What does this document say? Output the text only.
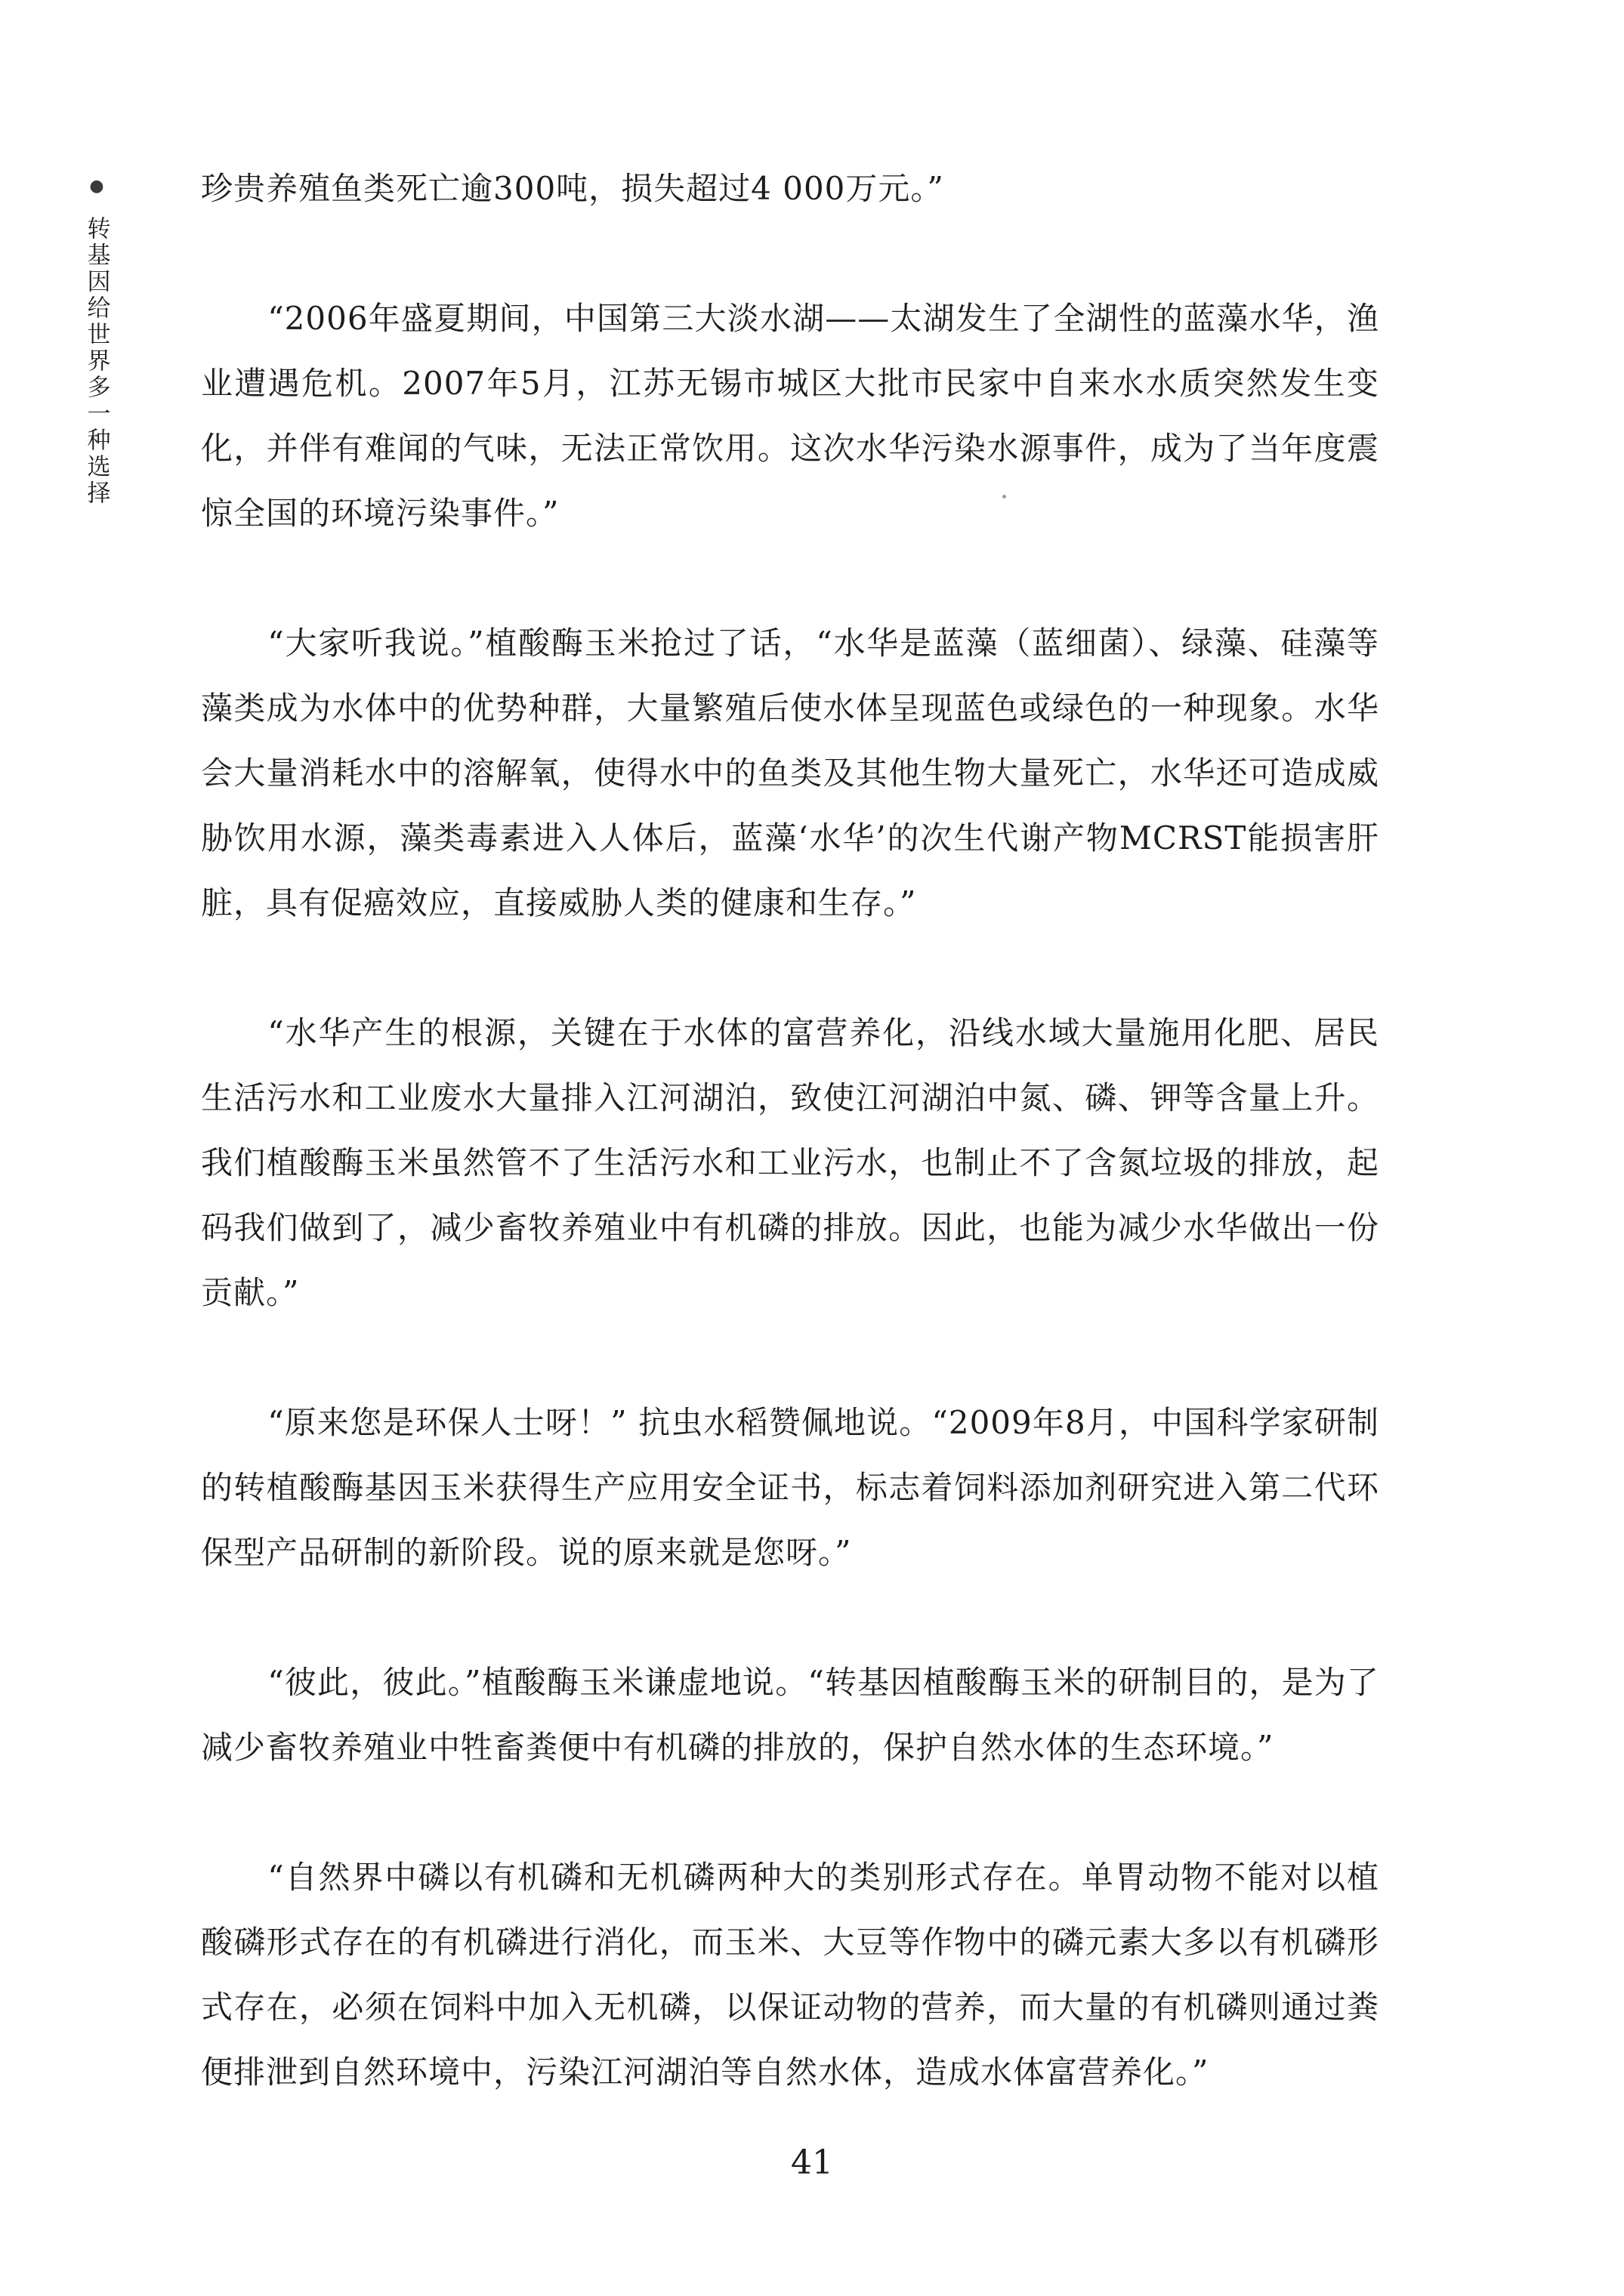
●
转基因给世界多一种选择

珍贵养殖鱼类死亡逾300吨，损失超过4 000万元。”

“2006年盛夏期间，中国第三大淡水湖——太湖发生了全湖性的蓝藻水华，渔业遭遇危机。2007年5月，江苏无锡市城区大批市民家中自来水水质突然发生变化，并伴有难闻的气味，无法正常饮用。这次水华污染水源事件，成为了当年度震惊全国的环境污染事件。”

“大家听我说。”植酸酶玉米抢过了话，“水华是蓝藻（蓝细菌）、绿藻、硅藻等藻类成为水体中的优势种群，大量繁殖后使水体呈现蓝色或绿色的一种现象。水华会大量消耗水中的溶解氧，使得水中的鱼类及其他生物大量死亡，水华还可造成威胁饮用水源，藻类毒素进入人体后，蓝藻‘水华’的次生代谢产物MCRST能损害肝脏，具有促癌效应，直接威胁人类的健康和生存。”

“水华产生的根源，关键在于水体的富营养化，沿线水域大量施用化肥、居民生活污水和工业废水大量排入江河湖泊，致使江河湖泊中氮、磷、钾等含量上升。我们植酸酶玉米虽然管不了生活污水和工业污水，也制止不了含氮垃圾的排放，起码我们做到了，减少畜牧养殖业中有机磷的排放。因此，也能为减少水华做出一份贡献。”

“原来您是环保人士呀！” 抗虫水稻赞佩地说。“2009年8月，中国科学家研制的转植酸酶基因玉米获得生产应用安全证书，标志着饲料添加剂研究进入第二代环保型产品研制的新阶段。说的原来就是您呀。”

“彼此，彼此。”植酸酶玉米谦虚地说。“转基因植酸酶玉米的研制目的，是为了减少畜牧养殖业中牲畜粪便中有机磷的排放的，保护自然水体的生态环境。”

“自然界中磷以有机磷和无机磷两种大的类别形式存在。单胃动物不能对以植酸磷形式存在的有机磷进行消化，而玉米、大豆等作物中的磷元素大多以有机磷形式存在，必须在饲料中加入无机磷，以保证动物的营养，而大量的有机磷则通过粪便排泄到自然环境中，污染江河湖泊等自然水体，造成水体富营养化。”

41
